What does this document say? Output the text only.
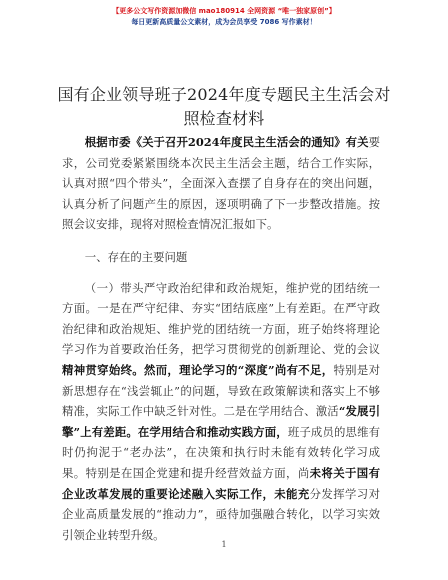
【更多公文写作资源加微信 mao180914 全网资源 “唯一独家原创”】
每日更新高质量公文素材，成为会员享受 7086 写作素材！
国有企业领导班子2024年度专题民主生活会对照检查材料

根据市委《关于召开2024年度民主生活会的通知》有关要求，公司党委紧紧围绕本次民主生活会主题，结合工作实际，认真对照“四个带头”，全面深入查摆了自身存在的突出问题，认真分析了问题产生的原因，逐项明确了下一步整改措施。按照会议安排，现将对照检查情况汇报如下。

一、存在的主要问题

（一）带头严守政治纪律和政治规矩，维护党的团结统一方面。一是在严守纪律、夯实“团结底座”上有差距。在严守政治纪律和政治规矩、维护党的团结统一方面，班子始终将理论学习作为首要政治任务，把学习贯彻党的创新理论、党的会议精神贯穿始终。然而，理论学习的“深度”尚有不足，特别是对新思想存在“浅尝辄止”的问题，导致在政策解读和落实上不够精准，实际工作中缺乏针对性。二是在学用结合、激活“发展引擎”上有差距。在学用结合和推动实践方面，班子成员的思维有时仍拘泥于“老办法”，在决策和执行时未能有效转化学习成果。特别是在国企党建和提升经营效益方面，尚未将关于国有企业改革发展的重要论述融入实际工作，未能充分发挥学习对企业高质量发展的“推动力”，亟待加强融合转化，以学习实效引领企业转型升级。

1
